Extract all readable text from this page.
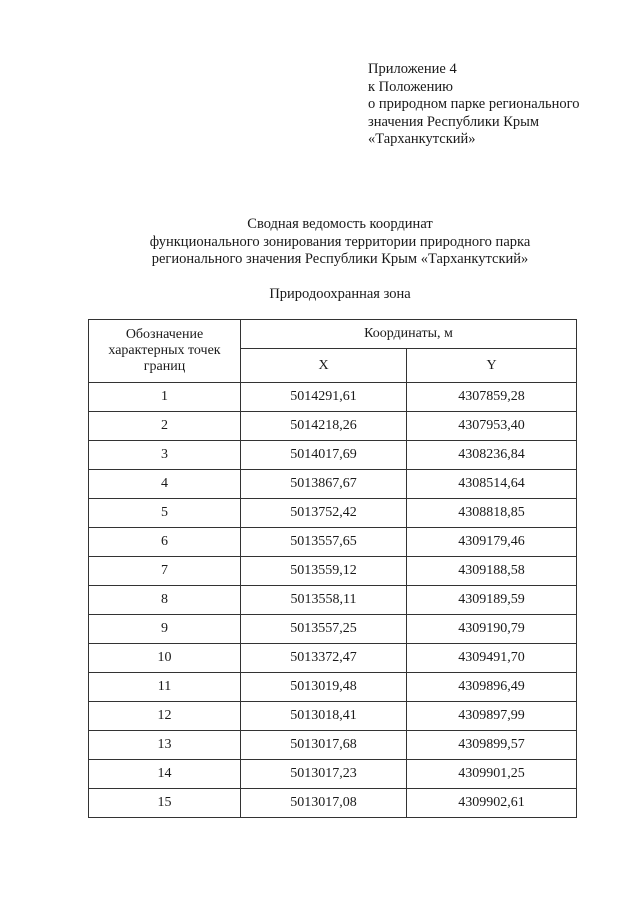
Приложение 4
к Положению
о природном парке регионального
значения Республики Крым
«Тарханкутский»
Сводная ведомость координат
функционального зонирования территории природного парка
регионального значения Республики Крым «Тарханкутский»
Природоохранная зона
Обозначение характерных точек границ	Координаты, м	
	X	Y
1	5014291,61	4307859,28
2	5014218,26	4307953,40
3	5014017,69	4308236,84
4	5013867,67	4308514,64
5	5013752,42	4308818,85
6	5013557,65	4309179,46
7	5013559,12	4309188,58
8	5013558,11	4309189,59
9	5013557,25	4309190,79
10	5013372,47	4309491,70
11	5013019,48	4309896,49
12	5013018,41	4309897,99
13	5013017,68	4309899,57
14	5013017,23	4309901,25
15	5013017,08	4309902,61
